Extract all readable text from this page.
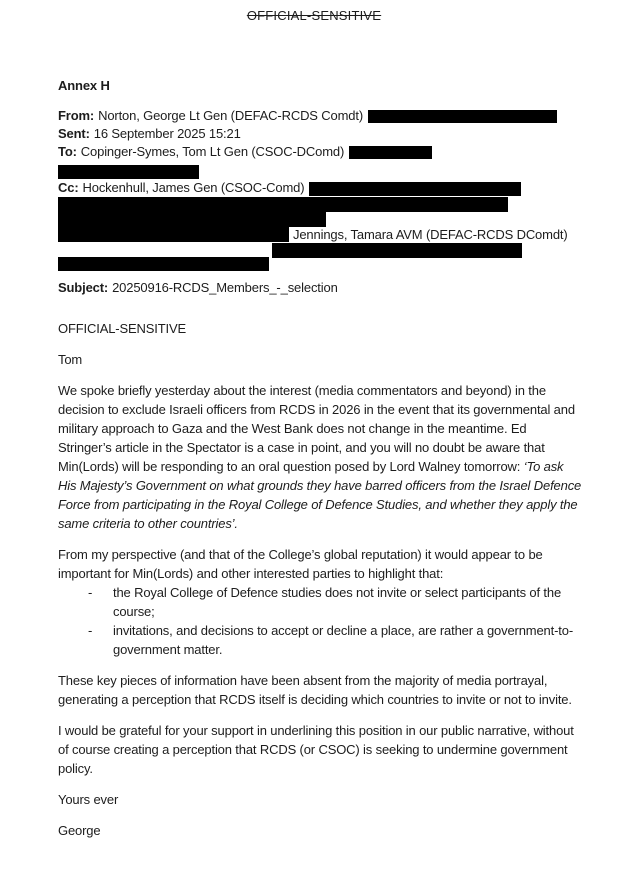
OFFICIAL-SENSITIVE
Annex H
From: Norton, George Lt Gen (DEFAC-RCDS Comdt)
Sent: 16 September 2025 15:21
To: Copinger-Symes, Tom Lt Gen (CSOC-DComd)
Cc: Hockenhull, James Gen (CSOC-Comd)
Jennings, Tamara AVM (DEFAC-RCDS DComdt)
Subject: 20250916-RCDS_Members_-_selection

OFFICIAL-SENSITIVE

Tom

We spoke briefly yesterday about the interest (media commentators and beyond) in the decision to exclude Israeli officers from RCDS in 2026 in the event that its governmental and military approach to Gaza and the West Bank does not change in the meantime. Ed Stringer’s article in the Spectator is a case in point, and you will no doubt be aware that Min(Lords) will be responding to an oral question posed by Lord Walney tomorrow: ‘To ask His Majesty’s Government on what grounds they have barred officers from the Israel Defence Force from participating in the Royal College of Defence Studies, and whether they apply the same criteria to other countries’.

From my perspective (and that of the College’s global reputation) it would appear to be important for Min(Lords) and other interested parties to highlight that:

-	the Royal College of Defence studies does not invite or select participants of the course;
-	invitations, and decisions to accept or decline a place, are rather a government-to-government matter.

These key pieces of information have been absent from the majority of media portrayal, generating a perception that RCDS itself is deciding which countries to invite or not to invite.

I would be grateful for your support in underlining this position in our public narrative, without of course creating a perception that RCDS (or CSOC) is seeking to undermine government policy.

Yours ever

George
